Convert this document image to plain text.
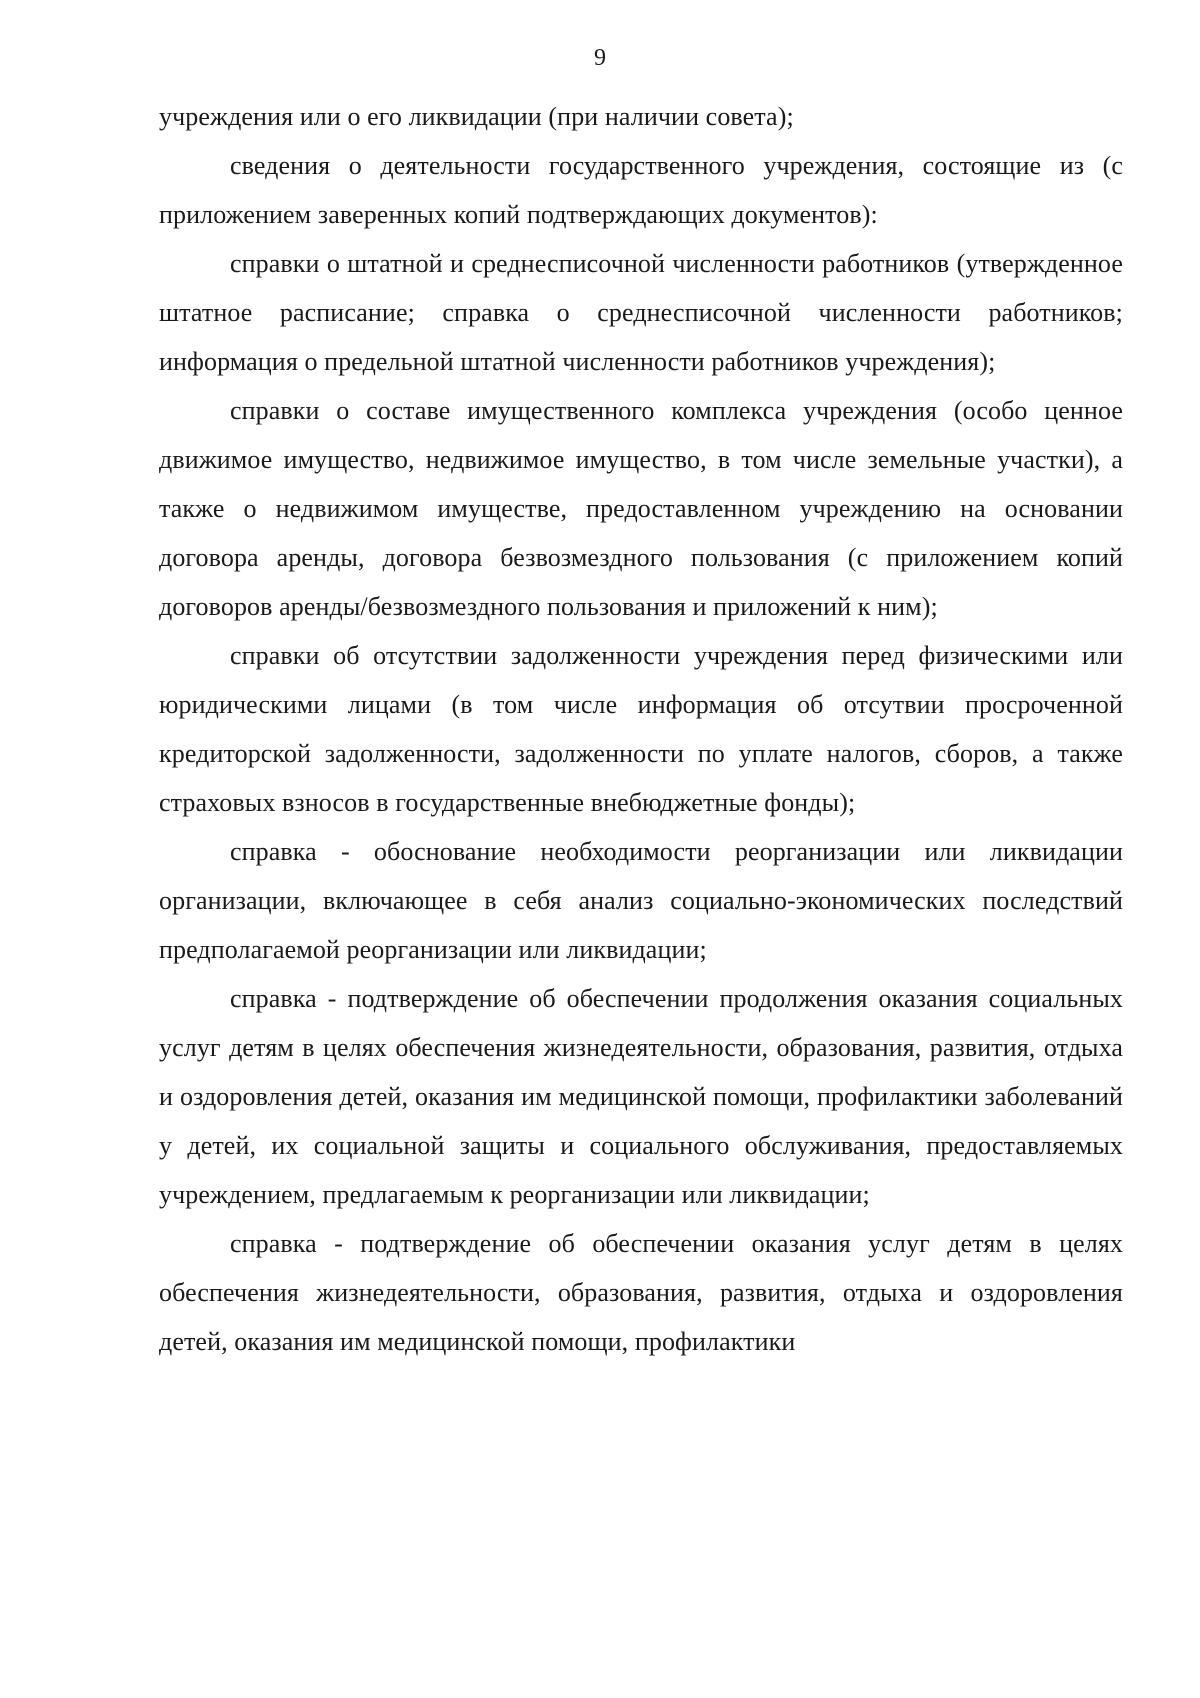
9

учреждения или о его ликвидации (при наличии совета);

сведения о деятельности государственного учреждения, состоящие из (с приложением заверенных копий подтверждающих документов):

справки о штатной и среднесписочной численности работников (утвержденное штатное расписание; справка о среднесписочной численности работников; информация о предельной штатной численности работников учреждения);

справки о составе имущественного комплекса учреждения (особо ценное движимое имущество, недвижимое имущество, в том числе земельные участки), а также о недвижимом имуществе, предоставленном учреждению на основании договора аренды, договора безвозмездного пользования (с приложением копий договоров аренды/безвозмездного пользования и приложений к ним);

справки об отсутствии задолженности учреждения перед физическими или юридическими лицами (в том числе информация об отсутвии просроченной кредиторской задолженности, задолженности по уплате налогов, сборов, а также страховых взносов в государственные внебюджетные фонды);

справка - обоснование необходимости реорганизации или ликвидации организации, включающее в себя анализ социально-экономических последствий предполагаемой реорганизации или ликвидации;

справка - подтверждение об обеспечении продолжения оказания социальных услуг детям в целях обеспечения жизнедеятельности, образования, развития, отдыха и оздоровления детей, оказания им медицинской помощи, профилактики заболеваний у детей, их социальной защиты и социального обслуживания, предоставляемых учреждением, предлагаемым к реорганизации или ликвидации;

справка - подтверждение об обеспечении оказания услуг детям в целях обеспечения жизнедеятельности, образования, развития, отдыха и оздоровления детей, оказания им медицинской помощи, профилактики
